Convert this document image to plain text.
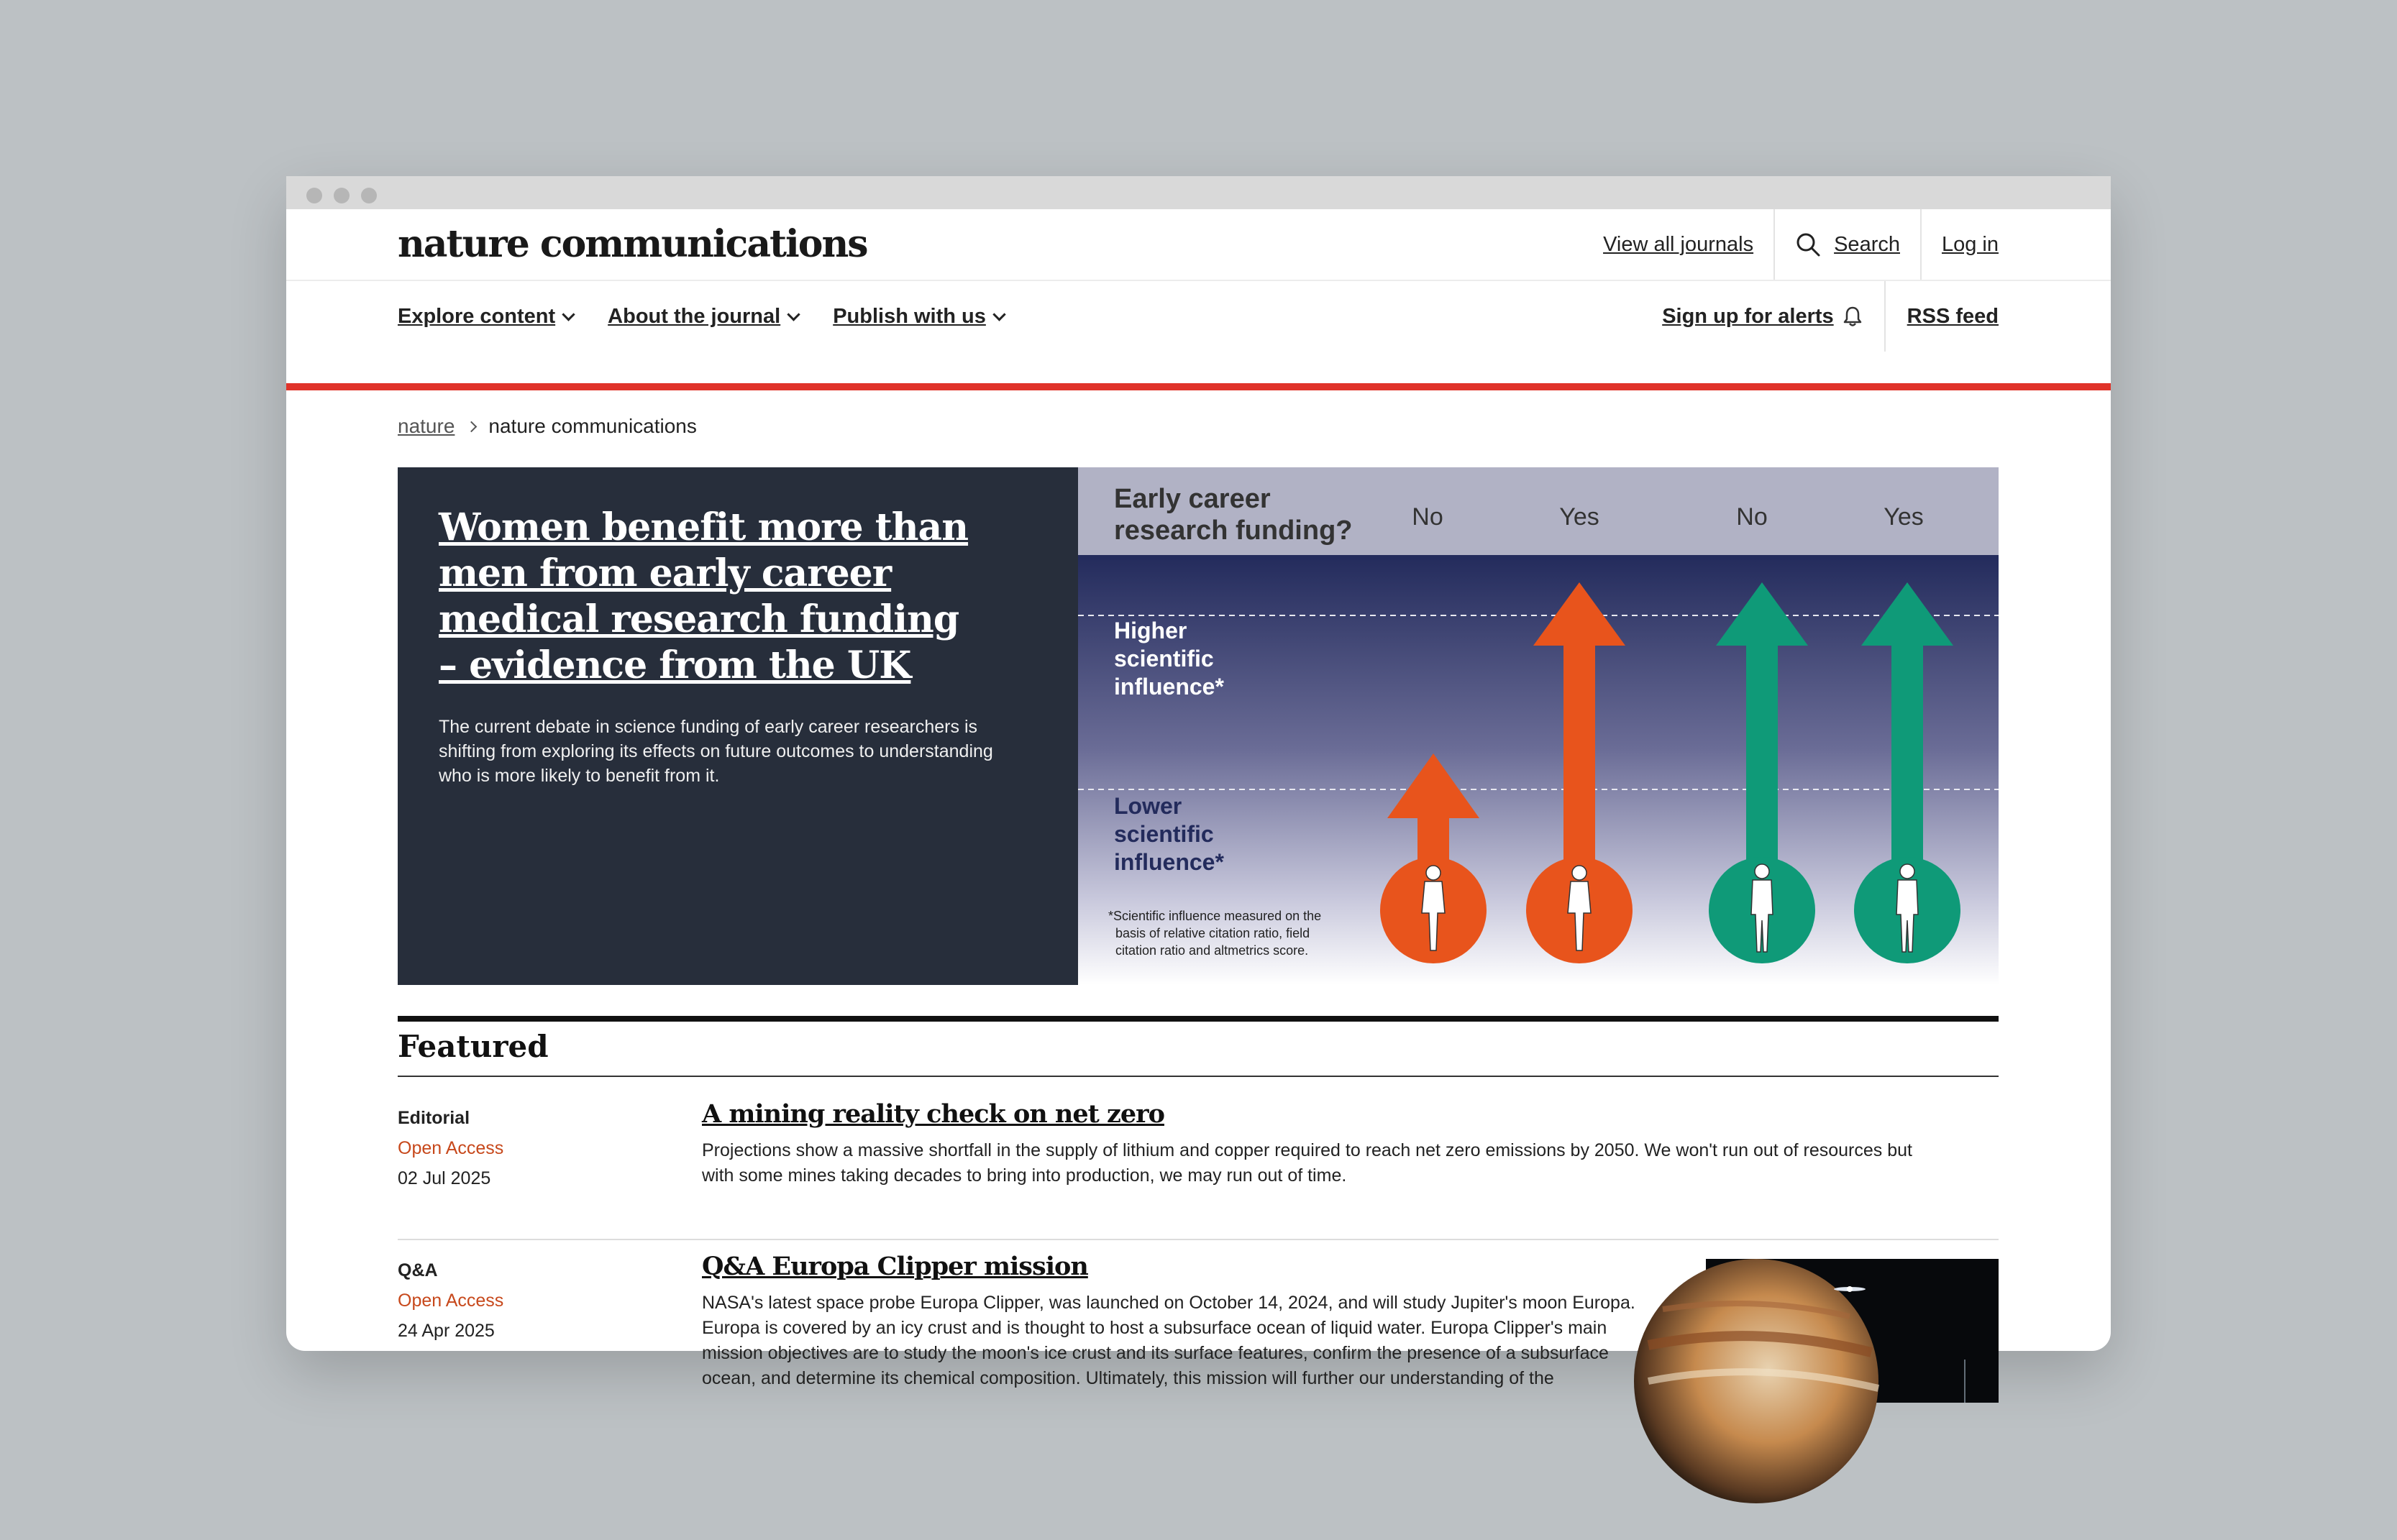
nature communications	View all journals	Search	Log in
Explore content	About the journal	Publish with us	Sign up for alerts	RSS feed
nature nature communications
Women benefit more than men from early career medical research funding – evidence from the UK
The current debate in science funding of early career researchers is shifting from exploring its effects on future outcomes to understanding who is more likely to benefit from it.
Early career
research funding? No	Yes	No	Yes
Higher
scientific
influence*
Lower
scientific
influence*
*Scientific influence measured on the
basis of relative citation ratio, field
citation ratio and altmetrics score.
Featured
Editorial
Open Access
02 Jul 2025
A mining reality check on net zero
Projections show a massive shortfall in the supply of lithium and copper required to reach net zero emissions by 2050. We won't run out of resources but
with some mines taking decades to bring into production, we may run out of time.
Q&A
Open Access
24 Apr 2025
Q&A Europa Clipper mission
NASA's latest space probe Europa Clipper, was launched on October 14, 2024, and will study Jupiter's moon Europa.
Europa is covered by an icy crust and is thought to host a subsurface ocean of liquid water. Europa Clipper's main
mission objectives are to study the moon's ice crust and its surface features, confirm the presence of a subsurface
ocean, and determine its chemical composition. Ultimately, this mission will further our understanding of the
